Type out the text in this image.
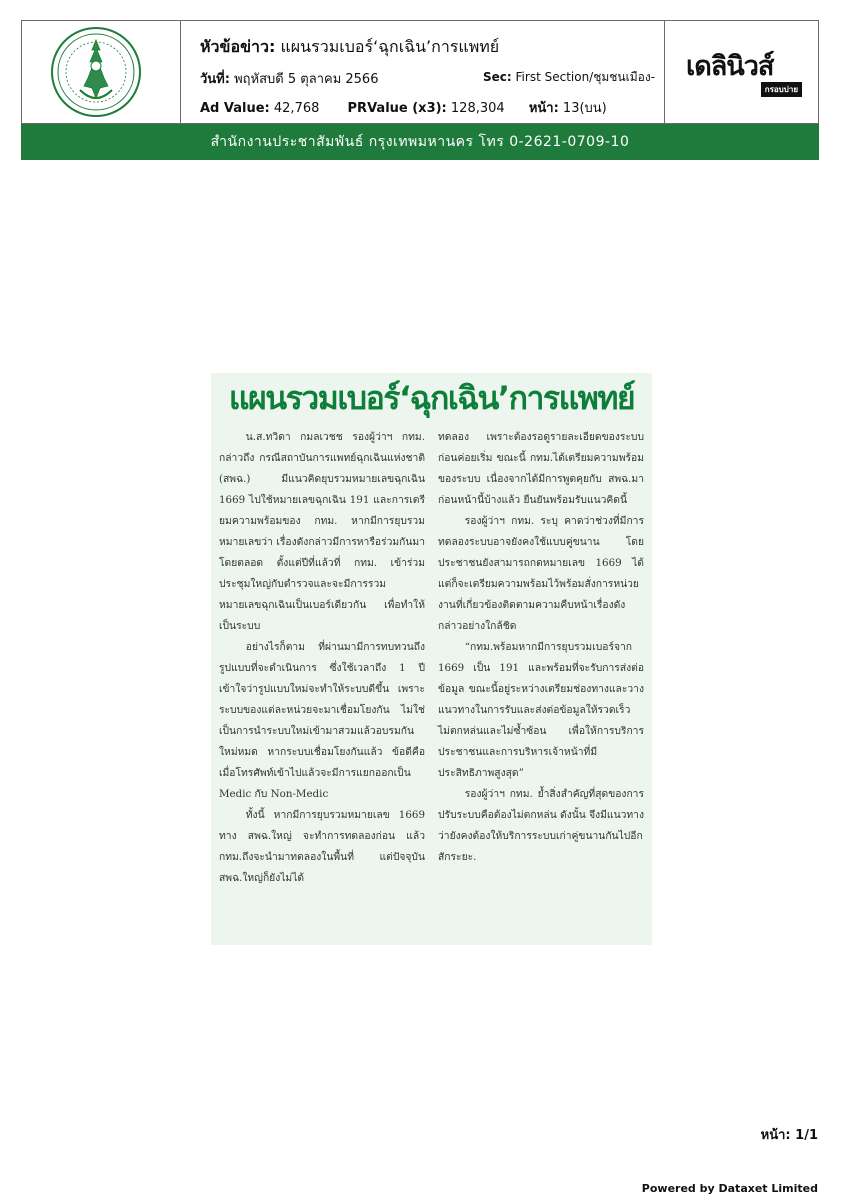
หัวข้อข่าว: แผนรวมเบอร์‘ฉุกเฉิน’การแพทย์
วันที่: พฤหัสบดี 5 ตุลาคม 2566	Sec: First Section/ชุมชนเมือง-
Ad Value: 42,768 PRValue (x3): 128,304 หน้า: 13(บน)
เดลินิวส์
กรอบบ่าย
สำนักงานประชาสัมพันธ์ กรุงเทพมหานคร โทร 0-2621-0709-10
แผนรวมเบอร์‘ฉุกเฉิน’การแพทย์

น.ส.ทวิดา กมลเวชช รองผู้ว่าฯ กทม. กล่าวถึง กรณีสถาบันการแพทย์ฉุกเฉินแห่งชาติ (สพฉ.) มีแนวคิดยุบรวมหมายเลขฉุกเฉิน 1669 ไปใช้หมายเลขฉุกเฉิน 191 และการเตรียมความพร้อมของ กทม. หากมีการยุบรวมหมายเลขว่า เรื่องดังกล่าวมีการหารือร่วมกันมาโดยตลอด ตั้งแต่ปีที่แล้วที่ กทม. เข้าร่วมประชุมใหญ่กับตำรวจและจะมีการรวมหมายเลขฉุกเฉินเป็นเบอร์เดียวกัน เพื่อทำให้เป็นระบบ

อย่างไรก็ตาม ที่ผ่านมามีการทบทวนถึงรูปแบบที่จะดำเนินการ ซึ่งใช้เวลาถึง 1 ปี เข้าใจว่ารูปแบบใหม่จะทำให้ระบบดีขึ้น เพราะระบบของแต่ละหน่วยจะมาเชื่อมโยงกัน ไม่ใช่เป็นการนำระบบใหม่เข้ามาสวมแล้วอบรมกันใหม่หมด หากระบบเชื่อมโยงกันแล้ว ข้อดีคือเมื่อโทรศัพท์เข้าไปแล้วจะมีการแยกออกเป็น Medic กับ Non-Medic

ทั้งนี้ หากมีการยุบรวมหมายเลข 1669 ทาง สพฉ.ใหญ่ จะทำการทดลองก่อน แล้ว กทม.ถึงจะนำมาทดลองในพื้นที่ แต่ปัจจุบัน สพฉ.ใหญ่ก็ยังไม่ได้

ทดลอง เพราะต้องรอดูรายละเอียดของระบบก่อนค่อยเริ่ม ขณะนี้ กทม.ได้เตรียมความพร้อมของระบบ เนื่องจากได้มีการพูดคุยกับ สพฉ.มาก่อนหน้านี้บ้างแล้ว ยืนยันพร้อมรับแนวคิดนี้

รองผู้ว่าฯ กทม. ระบุ คาดว่าช่วงที่มีการทดลองระบบอาจยังคงใช้แบบคู่ขนาน โดยประชาชนยังสามารถกดหมายเลข 1669 ได้ แต่ก็จะเตรียมความพร้อมไว้พร้อมสั่งการหน่วยงานที่เกี่ยวข้องติดตามความคืบหน้าเรื่องดังกล่าวอย่างใกล้ชิด

“กทม.พร้อมหากมีการยุบรวมเบอร์จาก 1669 เป็น 191 และพร้อมที่จะรับการส่งต่อข้อมูล ขณะนี้อยู่ระหว่างเตรียมช่องทางและวางแนวทางในการรับและส่งต่อข้อมูลให้รวดเร็ว ไม่ตกหล่นและไม่ซ้ำซ้อน เพื่อให้การบริการประชาชนและการบริหารเจ้าหน้าที่มีประสิทธิภาพสูงสุด”

รองผู้ว่าฯ กทม. ย้ำสิ่งสำคัญที่สุดของการปรับระบบคือต้องไม่ตกหล่น ดังนั้น จึงมีแนวทางว่ายังคงต้องให้บริการระบบเก่าคู่ขนานกันไปอีกสักระยะ.

หน้า: 1/1
Powered by Dataxet Limited
